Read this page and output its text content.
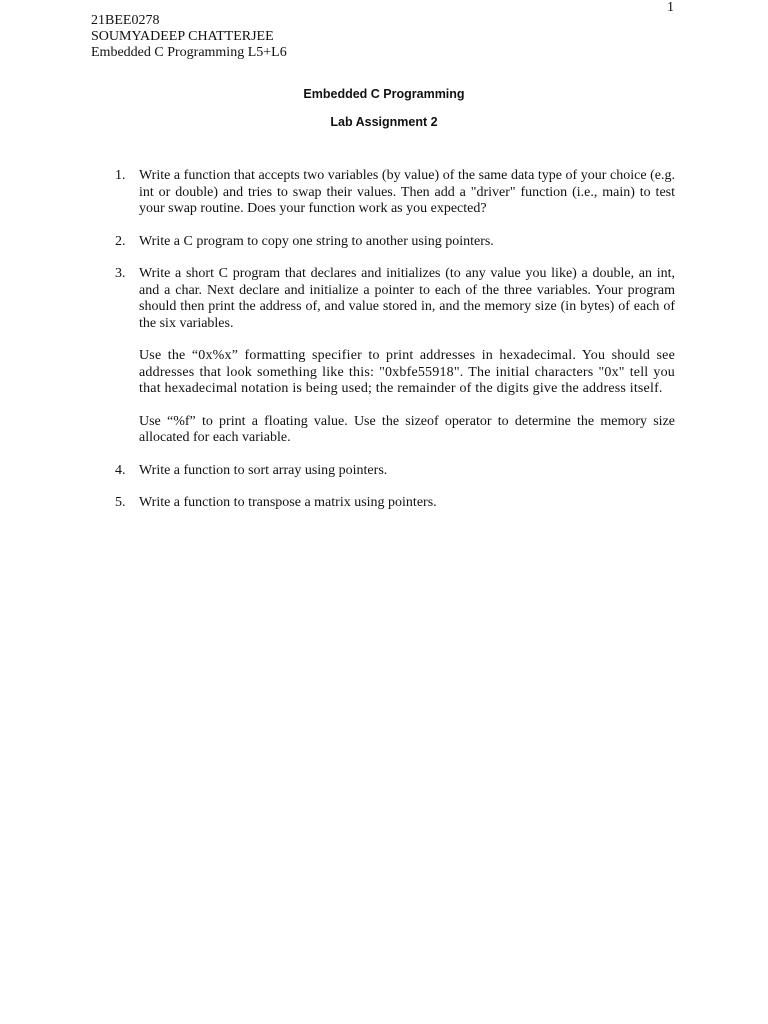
1
21BEE0278
SOUMYADEEP CHATTERJEE
Embedded C Programming L5+L6
Embedded C Programming
Lab Assignment 2
1. Write a function that accepts two variables (by value) of the same data type of your choice (e.g. int or double) and tries to swap their values. Then add a "driver" function (i.e., main) to test your swap routine. Does your function work as you expected?

2. Write a C program to copy one string to another using pointers.

3. Write a short C program that declares and initializes (to any value you like) a double, an int, and a char. Next declare and initialize a pointer to each of the three variables. Your program should then print the address of, and value stored in, and the memory size (in bytes) of each of the six variables.

Use the “0x%x” formatting specifier to print addresses in hexadecimal. You should see addresses that look something like this: "0xbfe55918". The initial characters "0x" tell you that hexadecimal notation is being used; the remainder of the digits give the address itself.

Use “%f” to print a floating value. Use the sizeof operator to determine the memory size allocated for each variable.

4. Write a function to sort array using pointers.

5. Write a function to transpose a matrix using pointers.
